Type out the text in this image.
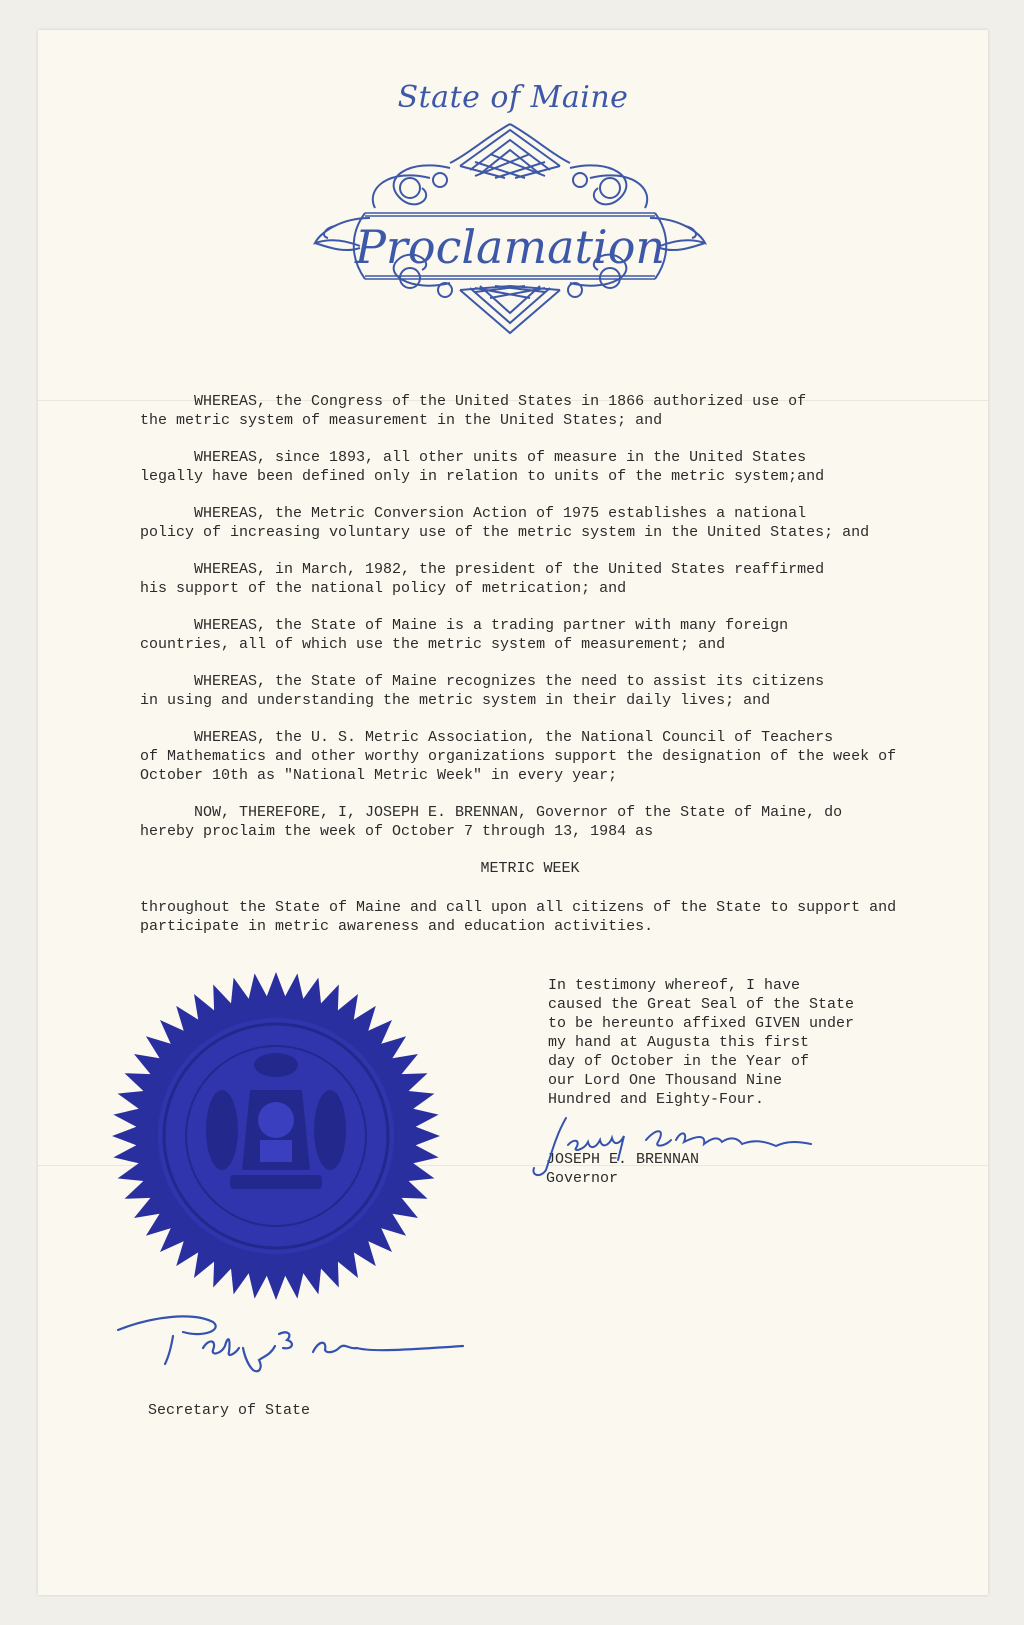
State of Maine
Proclamation

WHEREAS, the Congress of the United States in 1866 authorized use of
the metric system of measurement in the United States; and

WHEREAS, since 1893, all other units of measure in the United States
legally have been defined only in relation to units of the metric system;and

WHEREAS, the Metric Conversion Action of 1975 establishes a national
policy of increasing voluntary use of the metric system in the United States; and

WHEREAS, in March, 1982, the president of the United States reaffirmed
his support of the national policy of metrication; and

WHEREAS, the State of Maine is a trading partner with many foreign
countries, all of which use the metric system of measurement; and

WHEREAS, the State of Maine recognizes the need to assist its citizens
in using and understanding the metric system in their daily lives; and

WHEREAS, the U. S. Metric Association, the National Council of Teachers
of Mathematics and other worthy organizations support the designation of the week of October 10th as "National Metric Week" in every year;

NOW, THEREFORE, I, JOSEPH E. BRENNAN, Governor of the State of Maine, do
hereby proclaim the week of October 7 through 13, 1984 as

METRIC WEEK

throughout the State of Maine and call upon all citizens of the State to support and participate in metric awareness and education activities.

In testimony whereof, I have
caused the Great Seal of the State
to be hereunto affixed GIVEN under
my hand at Augusta this first
day of October in the Year of
our Lord One Thousand Nine
Hundred and Eighty-Four.
JOSEPH E. BRENNAN
Governor
Secretary of State
